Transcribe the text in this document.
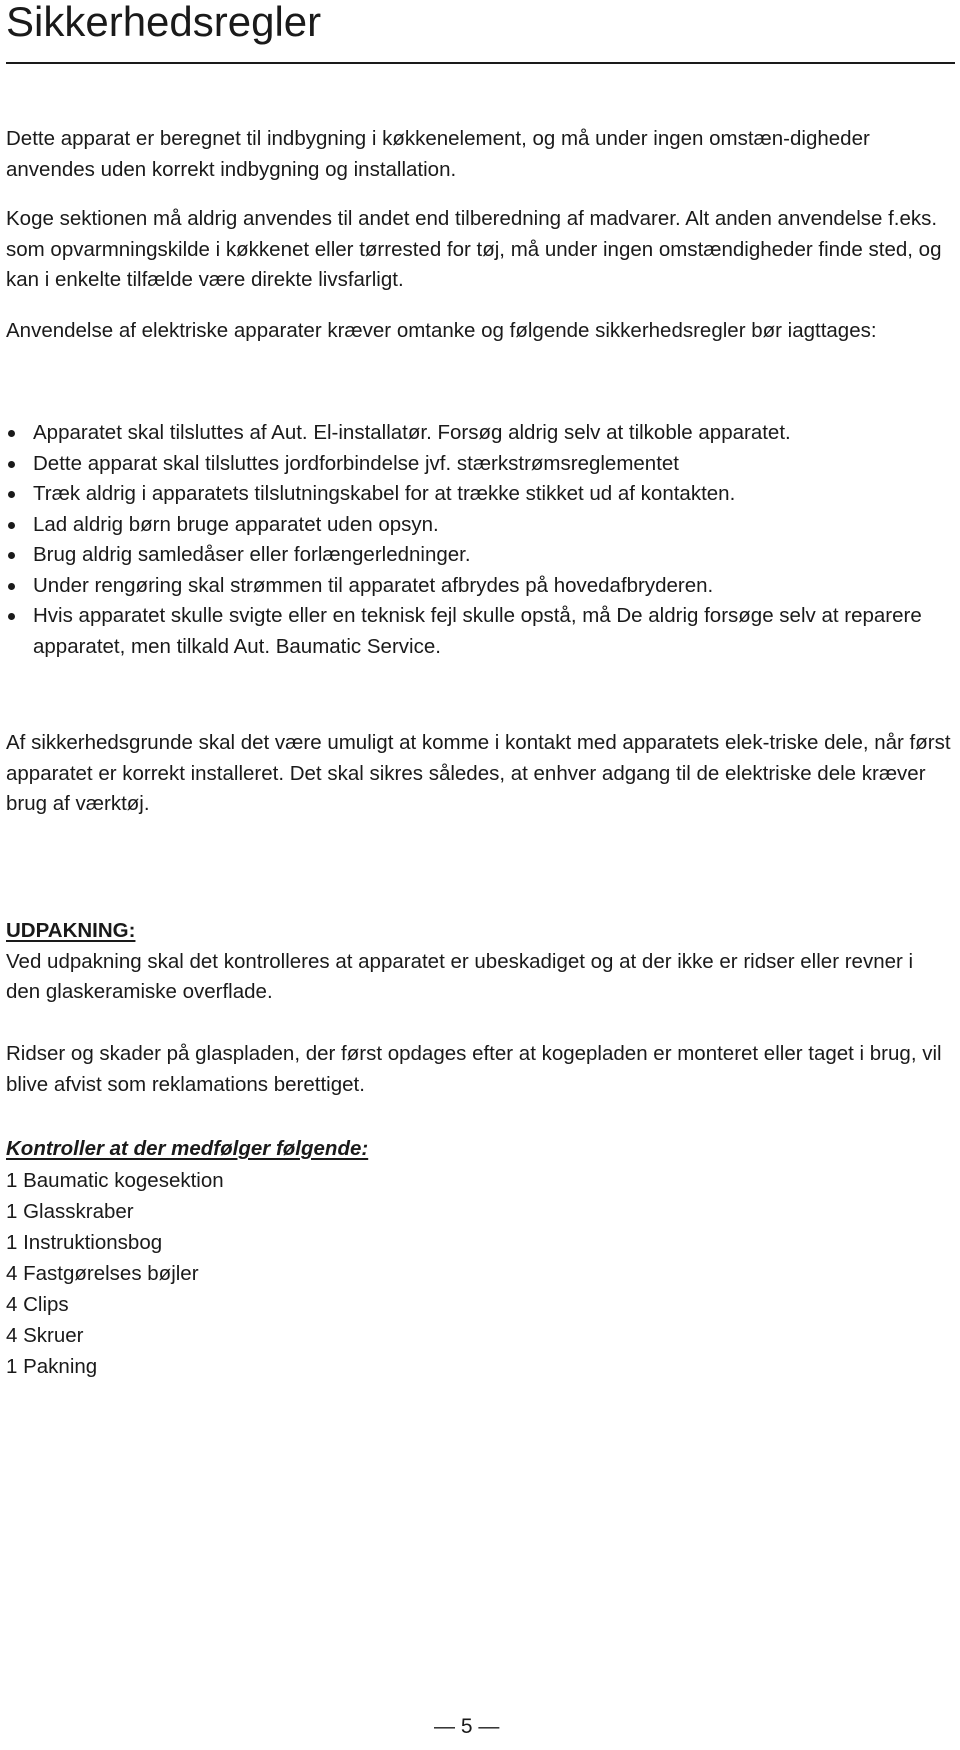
Sikkerhedsregler

Dette apparat er beregnet til indbygning i køkkenelement, og må under ingen omstæn-digheder anvendes uden korrekt indbygning og installation.

Koge sektionen må aldrig anvendes til andet end tilberedning af madvarer. Alt anden anvendelse f.eks. som opvarmningskilde i køkkenet eller tørrested for tøj, må under ingen omstændigheder finde sted, og kan i enkelte tilfælde være direkte livsfarligt.

Anvendelse af elektriske apparater kræver omtanke og følgende sikkerhedsregler bør iagttages:

Apparatet skal tilsluttes af Aut. El-installatør. Forsøg aldrig selv at tilkoble apparatet.
Dette apparat skal tilsluttes jordforbindelse jvf. stærkstrømsreglementet
Træk aldrig i apparatets tilslutningskabel for at trække stikket ud af kontakten.
Lad aldrig børn bruge apparatet uden opsyn.
Brug aldrig samledåser eller forlængerledninger.
Under rengøring skal strømmen til apparatet afbrydes på hovedafbryderen.
Hvis apparatet skulle svigte eller en teknisk fejl skulle opstå, må De aldrig forsøge selv at reparere apparatet, men tilkald Aut. Baumatic Service.

Af sikkerhedsgrunde skal det være umuligt at komme i kontakt med apparatets elek-triske dele, når først apparatet er korrekt installeret. Det skal sikres således, at enhver adgang til de elektriske dele kræver brug af værktøj.

UDPAKNING:
Ved udpakning skal det kontrolleres at apparatet er ubeskadiget og at der ikke er ridser eller revner i den glaskeramiske overflade.

Ridser og skader på glaspladen, der først opdages efter at kogepladen er monteret eller taget i brug, vil blive afvist som reklamations berettiget.

Kontroller at der medfølger følgende:
1 Baumatic kogesektion
1 Glasskraber
1 Instruktionsbog
4 Fastgørelses bøjler
4 Clips
4 Skruer
1 Pakning
— 5 —
